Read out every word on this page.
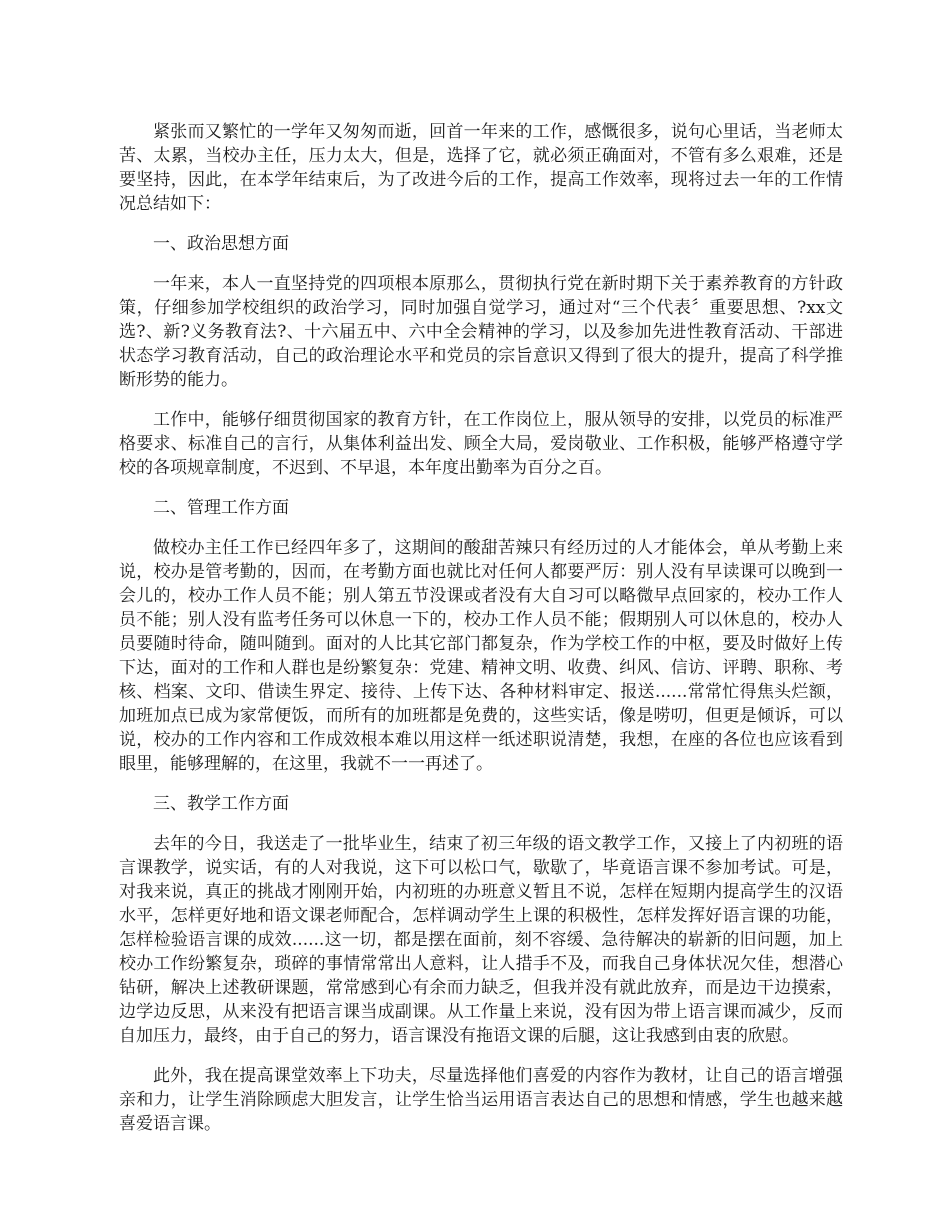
紧张而又繁忙的一学年又匆匆而逝，回首一年来的工作，感慨很多，说句心里话，当老师太苦、太累，当校办主任，压力太大，但是，选择了它，就必须正确面对，不管有多么艰难，还是要坚持，因此，在本学年结束后，为了改进今后的工作，提高工作效率，现将过去一年的工作情况总结如下：

一、政治思想方面

一年来，本人一直坚持党的四项根本原那么，贯彻执行党在新时期下关于素养教育的方针政策，仔细参加学校组织的政治学习，同时加强自觉学习，通过对“三个代表〞重要思想、?xx文选?、新?义务教育法?、十六届五中、六中全会精神的学习，以及参加先进性教育活动、干部进状态学习教育活动，自己的政治理论水平和党员的宗旨意识又得到了很大的提升，提高了科学推断形势的能力。

工作中，能够仔细贯彻国家的教育方针，在工作岗位上，服从领导的安排，以党员的标准严格要求、标准自己的言行，从集体利益出发、顾全大局，爱岗敬业、工作积极，能够严格遵守学校的各项规章制度，不迟到、不早退，本年度出勤率为百分之百。

二、管理工作方面

做校办主任工作已经四年多了，这期间的酸甜苦辣只有经历过的人才能体会，单从考勤上来说，校办是管考勤的，因而，在考勤方面也就比对任何人都要严厉：别人没有早读课可以晚到一会儿的，校办工作人员不能；别人第五节没课或者没有大自习可以略微早点回家的，校办工作人员不能；别人没有监考任务可以休息一下的，校办工作人员不能；假期别人可以休息的，校办人员要随时待命，随叫随到。面对的人比其它部门都复杂，作为学校工作的中枢，要及时做好上传下达，面对的工作和人群也是纷繁复杂：党建、精神文明、收费、纠风、信访、评聘、职称、考核、档案、文印、借读生界定、接待、上传下达、各种材料审定、报送......常常忙得焦头烂额，加班加点已成为家常便饭，而所有的加班都是免费的，这些实话，像是唠叨，但更是倾诉，可以说，校办的工作内容和工作成效根本难以用这样一纸述职说清楚，我想，在座的各位也应该看到眼里，能够理解的，在这里，我就不一一再述了。

三、教学工作方面

去年的今日，我送走了一批毕业生，结束了初三年级的语文教学工作，又接上了内初班的语言课教学，说实话，有的人对我说，这下可以松口气，歇歇了，毕竟语言课不参加考试。可是，对我来说，真正的挑战才刚刚开始，内初班的办班意义暂且不说，怎样在短期内提高学生的汉语水平，怎样更好地和语文课老师配合，怎样调动学生上课的积极性，怎样发挥好语言课的功能，怎样检验语言课的成效......这一切，都是摆在面前，刻不容缓、急待解决的崭新的旧问题，加上校办工作纷繁复杂，琐碎的事情常常出人意料，让人措手不及，而我自己身体状况欠佳，想潜心钻研，解决上述教研课题，常常感到心有余而力缺乏，但我并没有就此放弃，而是边干边摸索，边学边反思，从来没有把语言课当成副课。从工作量上来说，没有因为带上语言课而减少，反而自加压力，最终，由于自己的努力，语言课没有拖语文课的后腿，这让我感到由衷的欣慰。

此外，我在提高课堂效率上下功夫，尽量选择他们喜爱的内容作为教材，让自己的语言增强亲和力，让学生消除顾虑大胆发言，让学生恰当运用语言表达自己的思想和情感，学生也越来越喜爱语言课。
